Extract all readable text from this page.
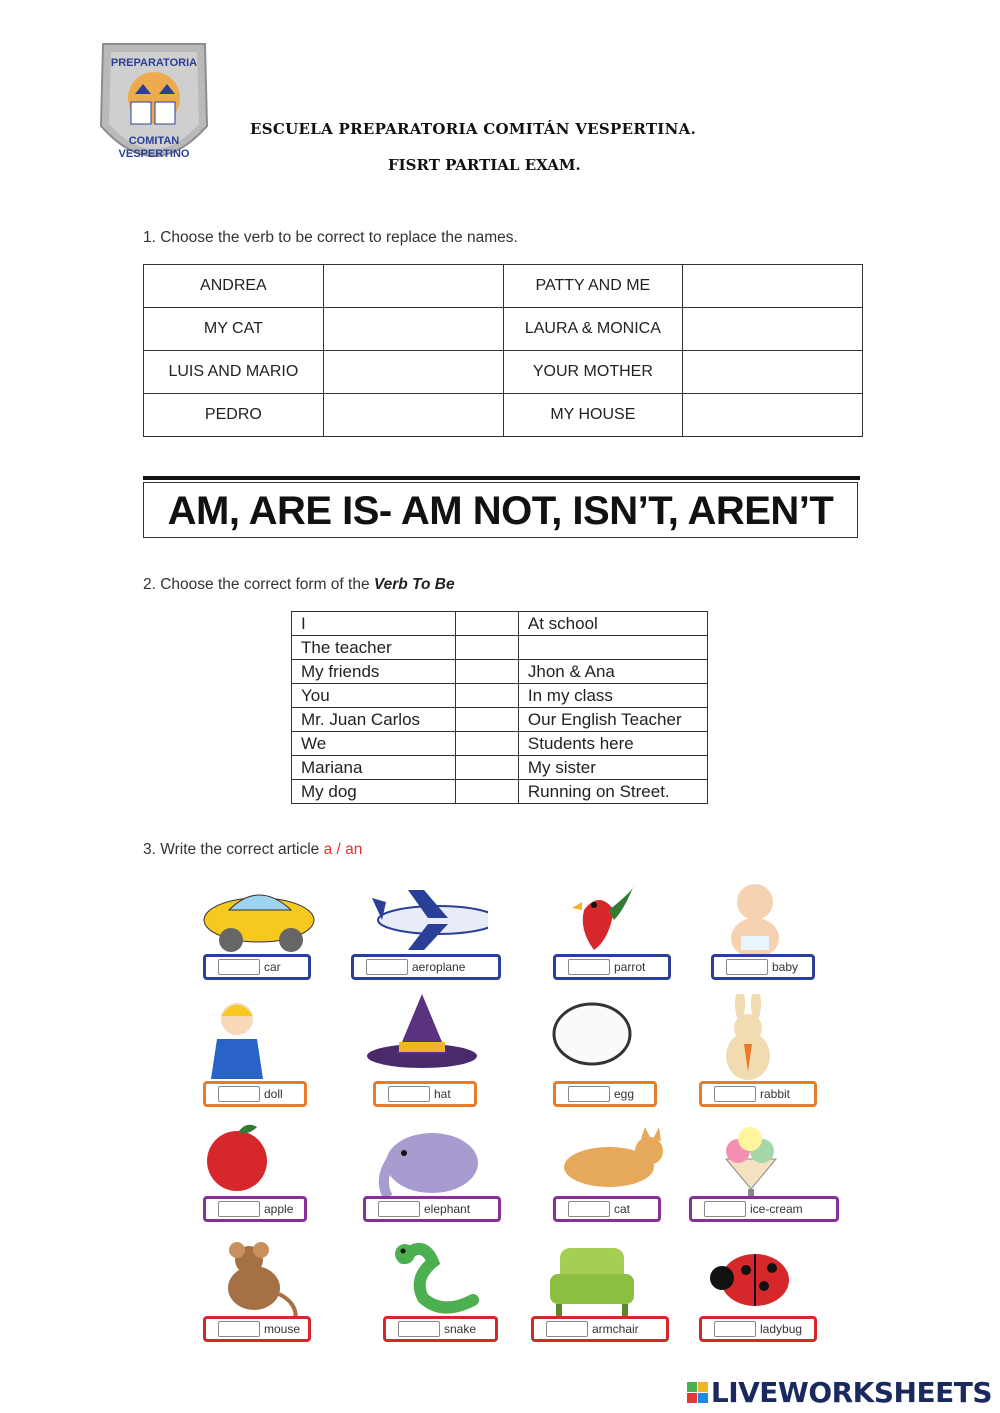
PREPARATORIA
COMITAN
VESPERTINO
ESCUELA PREPARATORIA COMITÁN VESPERTINA.
FISRT PARTIAL EXAM.
1. Choose the verb to be correct to replace the names.
ANDREA		PATTY AND ME	
MY CAT		LAURA & MONICA	
LUIS AND MARIO		YOUR MOTHER	
PEDRO		MY HOUSE	
AM, ARE IS- AM NOT, ISN’T, AREN’T
2. Choose the correct form of the Verb To Be
I		At school
The teacher		
My friends		Jhon & Ana
You		In my class
Mr. Juan Carlos		Our English Teacher
We		Students here
Mariana		My sister
My dog		Running on Street.
3. Write the correct article a / an
car	aeroplane	parrot	baby
doll	hat	egg	rabbit
apple	elephant	cat	ice-cream
mouse	snake	armchair	ladybug
LIVEWORKSHEETS
